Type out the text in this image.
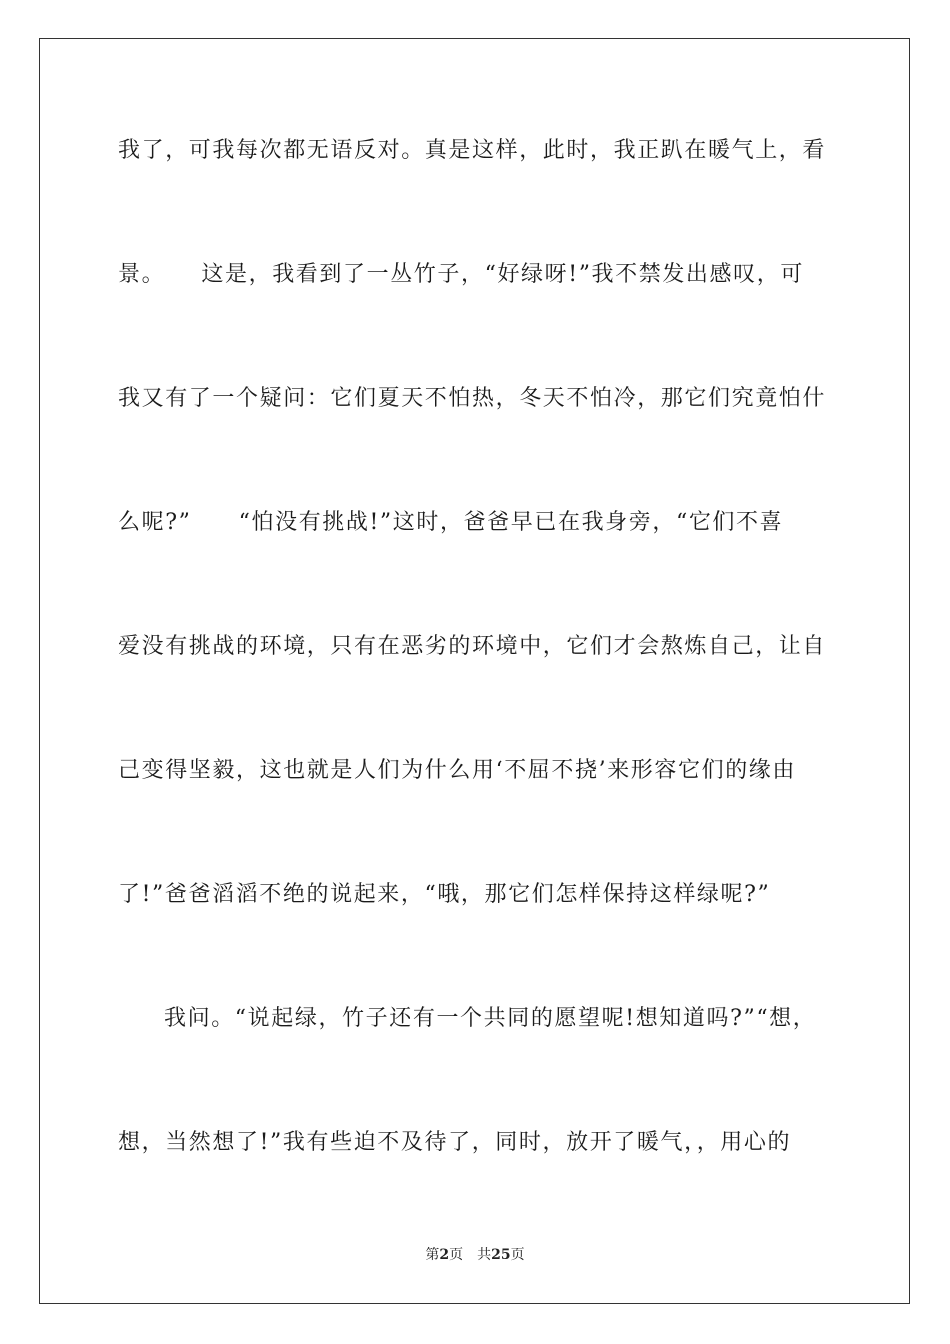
我了，可我每次都无语反对。真是这样，此时，我正趴在暖气上，看
景。　　这是，我看到了一丛竹子，“好绿呀!”我不禁发出感叹，可
我又有了一个疑问：它们夏天不怕热，冬天不怕冷，那它们究竟怕什
么呢?”　　“怕没有挑战!”这时，爸爸早已在我身旁，“它们不喜
爱没有挑战的环境，只有在恶劣的环境中，它们才会熬炼自己，让自
己变得坚毅，这也就是人们为什么用‘不屈不挠’来形容它们的缘由
了!”爸爸滔滔不绝的说起来，“哦，那它们怎样保持这样绿呢?”
我问。“说起绿，竹子还有一个共同的愿望呢!想知道吗?”“想，
想，当然想了!”我有些迫不及待了，同时，放开了暖气，，用心的
第2页　共25页
